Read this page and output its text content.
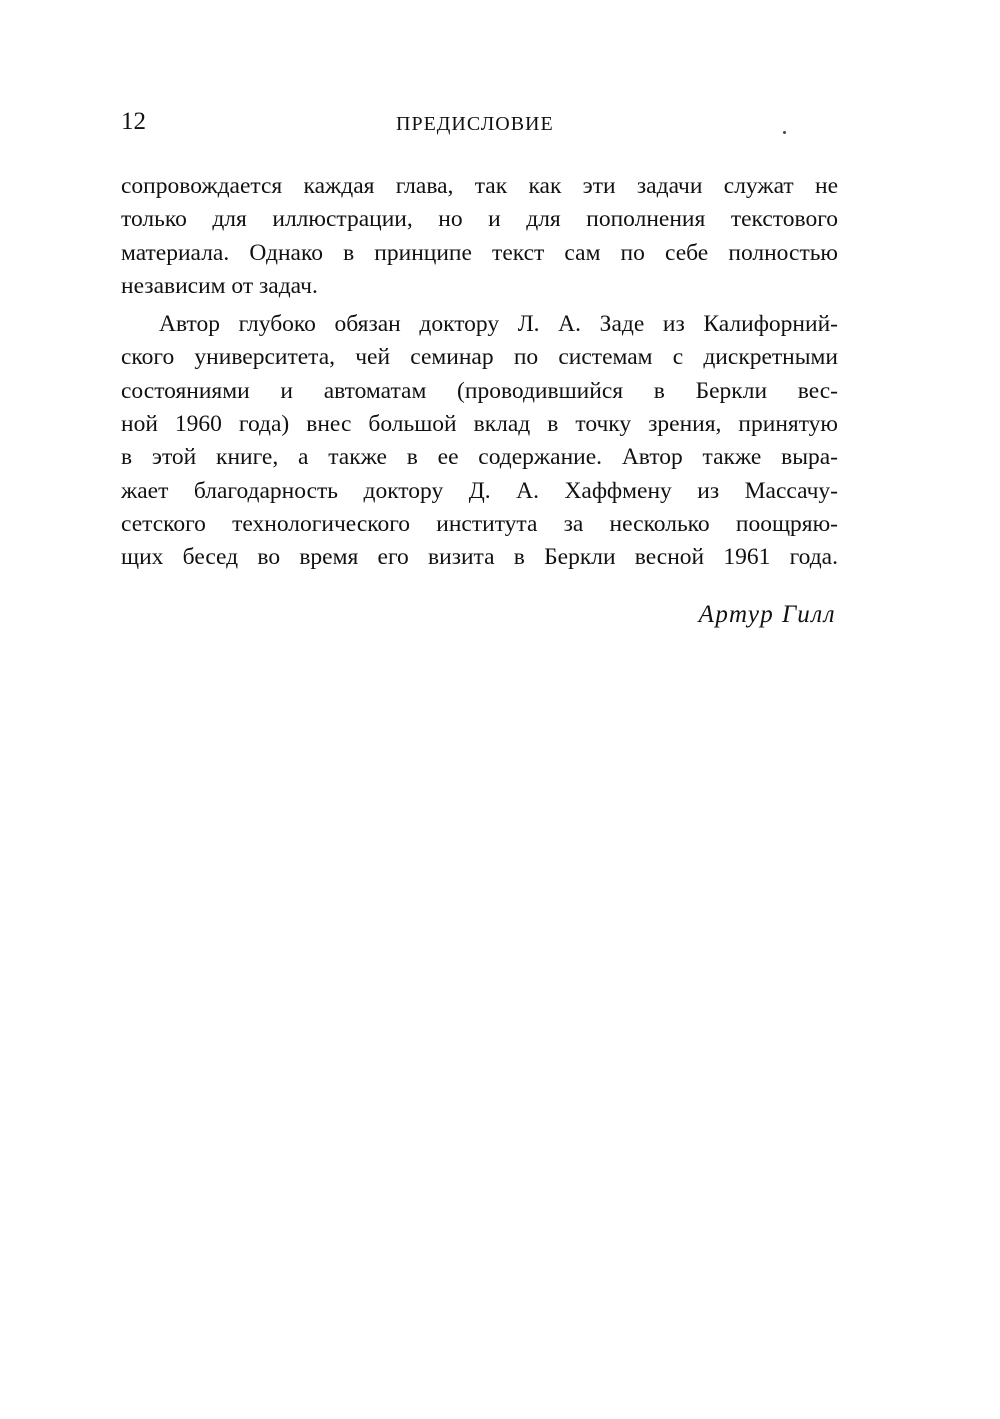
12	ПРЕДИСЛОВИЕ
сопровождается каждая глава, так как эти задачи служат не
только для иллюстрации, но и для пополнения текстового
материала. Однако в принципе текст сам по себе полностью
независим от задач.
Автор глубоко обязан доктору Л. А. Заде из Калифорний-
ского университета, чей семинар по системам с дискретными
состояниями и автоматам (проводившийся в Беркли вес-
ной 1960 года) внес большой вклад в точку зрения, принятую
в этой книге, а также в ее содержание. Автор также выра-
жает благодарность доктору Д. А. Хаффмену из Массачу-
сетского технологического института за несколько поощряю-
щих бесед во время его визита в Беркли весной 1961 года.
Артур Гилл
